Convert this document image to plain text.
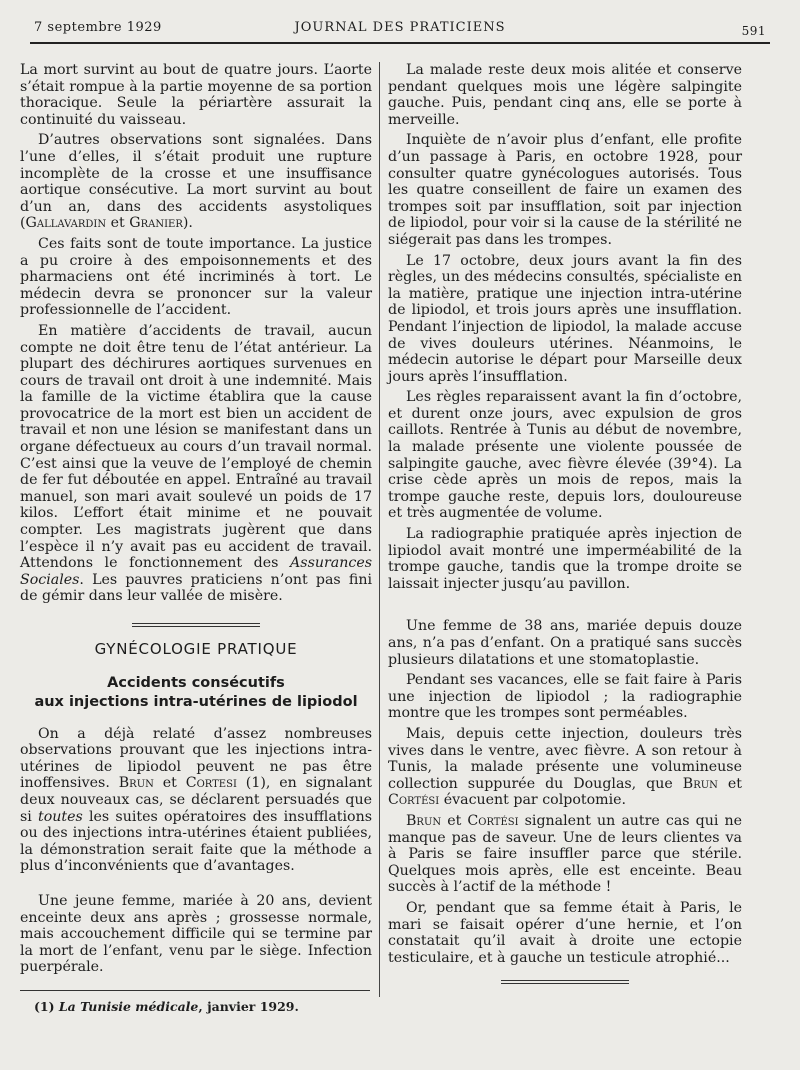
7 septembre 1929	JOURNAL DES PRATICIENS	591

La mort survint au bout de quatre jours. L’aorte s’était rompue à la partie moyenne de sa portion thoracique. Seule la périartère assurait la continuité du vaisseau.

D’autres observations sont signalées. Dans l’une d’elles, il s’était produit une rupture incomplète de la crosse et une insuffisance aortique consécutive. La mort survint au bout d’un an, dans des accidents asystoliques (Gallavardin et Granier).

Ces faits sont de toute importance. La justice a pu croire à des empoisonnements et des pharmaciens ont été incriminés à tort. Le médecin devra se prononcer sur la valeur professionnelle de l’accident.

En matière d’accidents de travail, aucun compte ne doit être tenu de l’état antérieur. La plupart des déchirures aortiques survenues en cours de travail ont droit à une indemnité. Mais la famille de la victime établira que la cause provocatrice de la mort est bien un accident de travail et non une lésion se manifestant dans un organe défectueux au cours d’un travail normal. C’est ainsi que la veuve de l’employé de chemin de fer fut déboutée en appel. Entraîné au travail manuel, son mari avait soulevé un poids de 17 kilos. L’effort était minime et ne pouvait compter. Les magistrats jugèrent que dans l’espèce il n’y avait pas eu accident de travail. Attendons le fonctionnement des Assurances Sociales. Les pauvres praticiens n’ont pas fini de gémir dans leur vallée de misère.

GYNÉCOLOGIE PRATIQUE
Accidents consécutifs
aux injections intra-utérines de lipiodol

On a déjà relaté d’assez nombreuses observations prouvant que les injections intra-utérines de lipiodol peuvent ne pas être inoffensives. Brun et Cortesi (1), en signalant deux nouveaux cas, se déclarent persuadés que si toutes les suites opératoires des insufflations ou des injections intra-utérines étaient publiées, la démonstration serait faite que la méthode a plus d’inconvénients que d’avantages.

Une jeune femme, mariée à 20 ans, devient enceinte deux ans après ; grossesse normale, mais accouchement difficile qui se termine par la mort de l’enfant, venu par le siège. Infection puerpérale.

(1) La Tunisie médicale, janvier 1929.

La malade reste deux mois alitée et conserve pendant quelques mois une légère salpingite gauche. Puis, pendant cinq ans, elle se porte à merveille.

Inquiète de n’avoir plus d’enfant, elle profite d’un passage à Paris, en octobre 1928, pour consulter quatre gynécologues autorisés. Tous les quatre conseillent de faire un examen des trompes soit par insufflation, soit par injection de lipiodol, pour voir si la cause de la stérilité ne siégerait pas dans les trompes.

Le 17 octobre, deux jours avant la fin des règles, un des médecins consultés, spécialiste en la matière, pratique une injection intra-utérine de lipiodol, et trois jours après une insufflation. Pendant l’injection de lipiodol, la malade accuse de vives douleurs utérines. Néanmoins, le médecin autorise le départ pour Marseille deux jours après l’insufflation.

Les règles reparaissent avant la fin d’octobre, et durent onze jours, avec expulsion de gros caillots. Rentrée à Tunis au début de novembre, la malade présente une violente poussée de salpingite gauche, avec fièvre élevée (39°4). La crise cède après un mois de repos, mais la trompe gauche reste, depuis lors, douloureuse et très augmentée de volume.

La radiographie pratiquée après injection de lipiodol avait montré une imperméabilité de la trompe gauche, tandis que la trompe droite se laissait injecter jusqu’au pavillon.

Une femme de 38 ans, mariée depuis douze ans, n’a pas d’enfant. On a pratiqué sans succès plusieurs dilatations et une stomatoplastie.

Pendant ses vacances, elle se fait faire à Paris une injection de lipiodol ; la radiographie montre que les trompes sont perméables.

Mais, depuis cette injection, douleurs très vives dans le ventre, avec fièvre. A son retour à Tunis, la malade présente une volumineuse collection suppurée du Douglas, que Brun et Cortési évacuent par colpotomie.

Brun et Cortési signalent un autre cas qui ne manque pas de saveur. Une de leurs clientes va à Paris se faire insuffler parce que stérile. Quelques mois après, elle est enceinte. Beau succès à l’actif de la méthode !

Or, pendant que sa femme était à Paris, le mari se faisait opérer d’une hernie, et l’on constatait qu’il avait à droite une ectopie testiculaire, et à gauche un testicule atrophié...
